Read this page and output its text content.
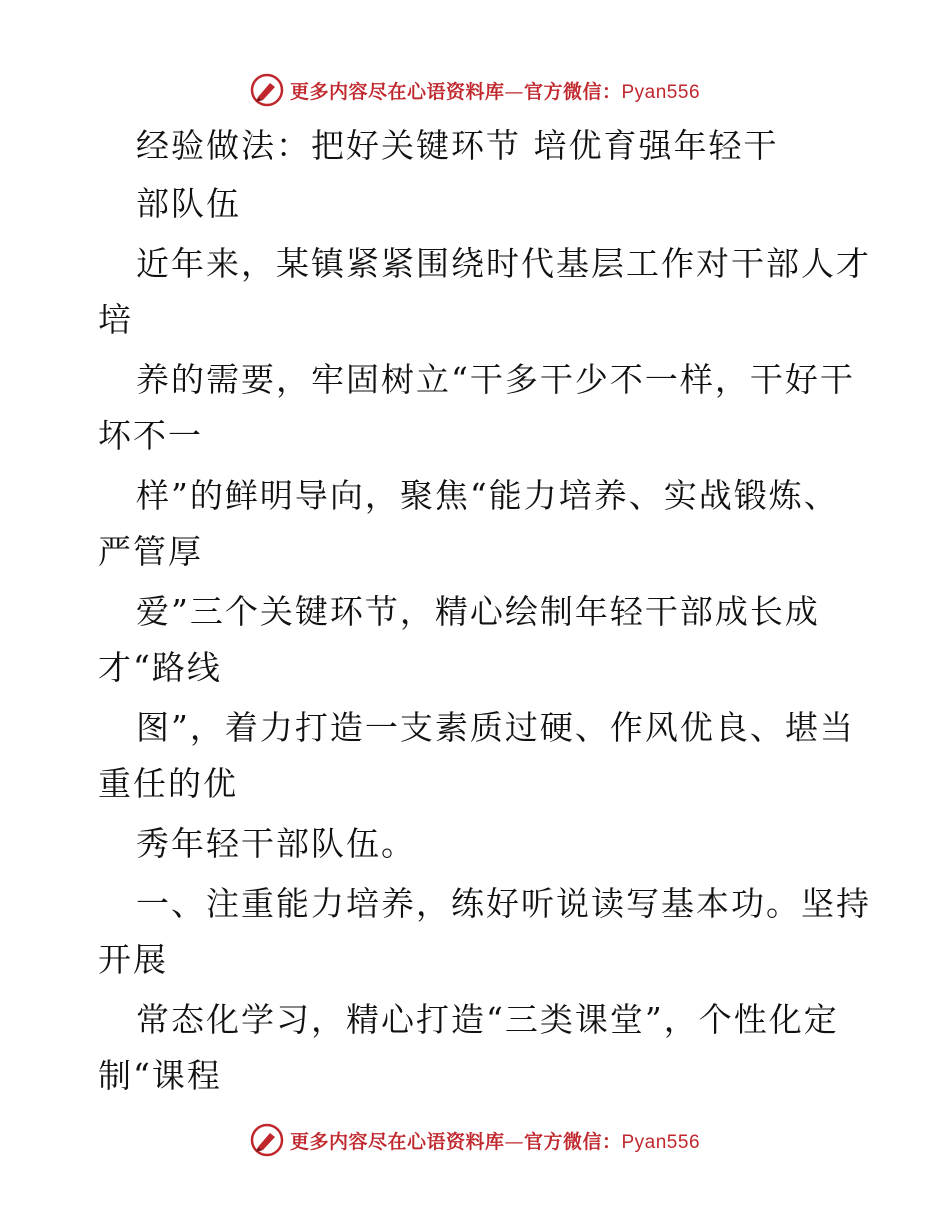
更多内容尽在心语资料库—官方微信：Pyan556
经验做法：把好关键环节 培优育强年轻干
部队伍
近年来，某镇紧紧围绕时代基层工作对干部人才
培
养的需要，牢固树立“干多干少不一样，干好干
坏不一
样”的鲜明导向，聚焦“能力培养、实战锻炼、
严管厚
爱”三个关键环节，精心绘制年轻干部成长成
才“路线
图”，着力打造一支素质过硬、作风优良、堪当
重任的优
秀年轻干部队伍。
一、注重能力培养，练好听说读写基本功。坚持
开展
常态化学习，精心打造“三类课堂”，个性化定
制“课程
更多内容尽在心语资料库—官方微信：Pyan556
